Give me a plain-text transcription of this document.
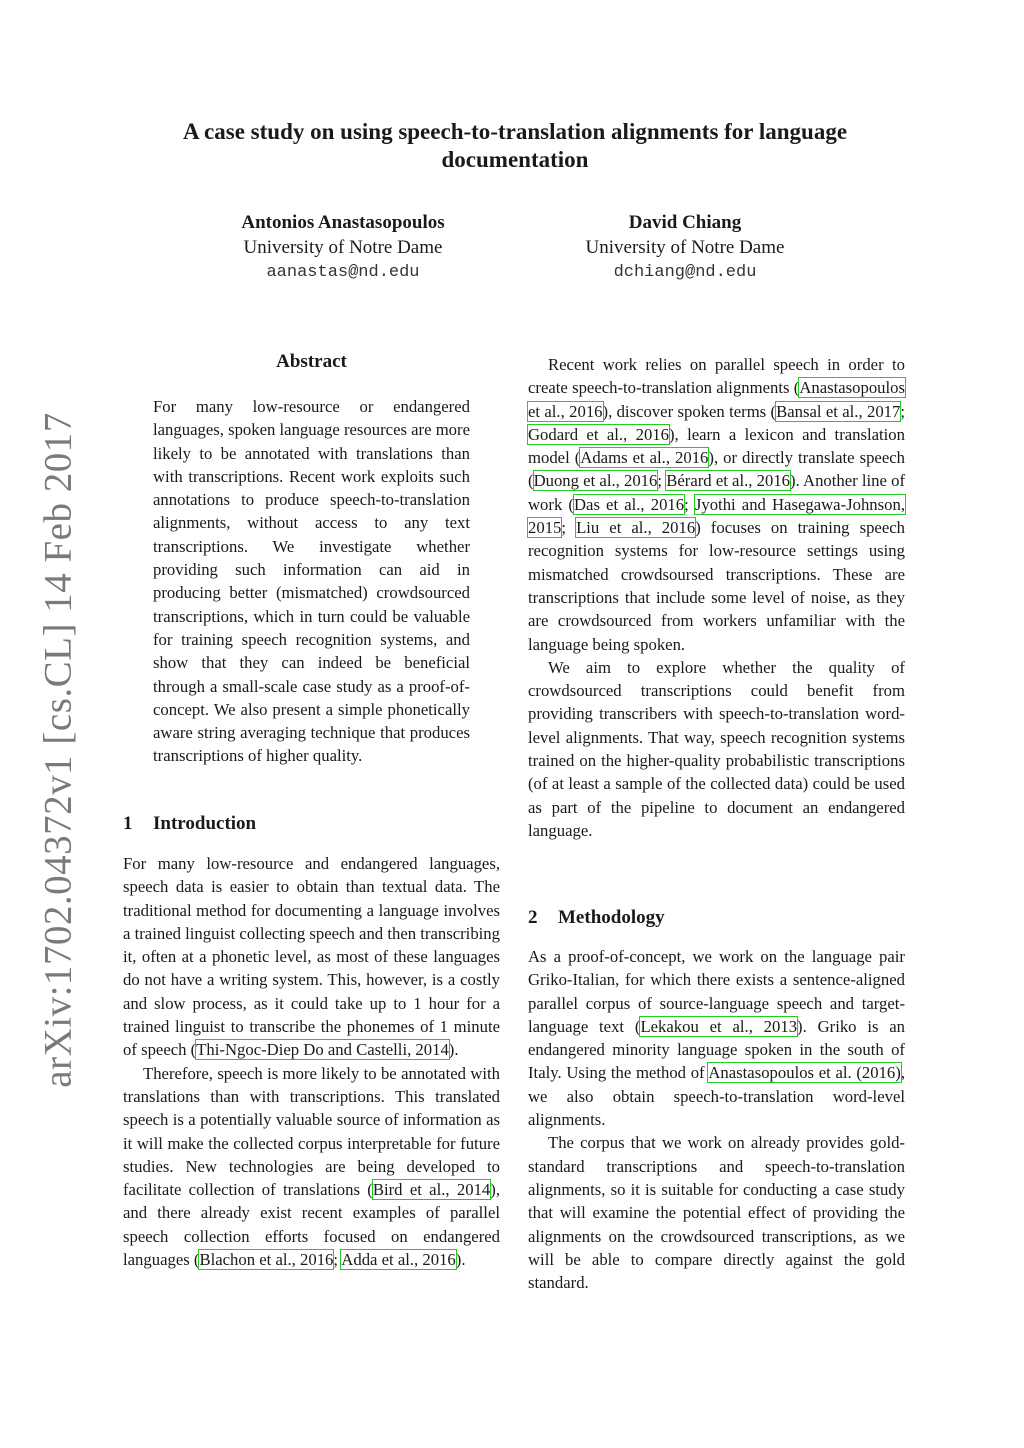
arXiv:1702.04372v1 [cs.CL] 14 Feb 2017
A case study on using speech-to-translation alignments for language documentation
Antonios Anastasopoulos
University of Notre Dame
aanastas@nd.edu
David Chiang
University of Notre Dame
dchiang@nd.edu
Abstract
For many low-resource or endangered languages, spoken language resources are more likely to be annotated with translations than with transcriptions. Recent work exploits such annotations to produce speech-to-translation alignments, without access to any text transcriptions. We investigate whether providing such information can aid in producing better (mismatched) crowdsourced transcriptions, which in turn could be valuable for training speech recognition systems, and show that they can indeed be beneficial through a small-scale case study as a proof-of-concept. We also present a simple phonetically aware string averaging technique that produces transcriptions of higher quality.
1 Introduction

For many low-resource and endangered languages, speech data is easier to obtain than textual data. The traditional method for documenting a language involves a trained linguist collecting speech and then transcribing it, often at a phonetic level, as most of these languages do not have a writing system. This, however, is a costly and slow process, as it could take up to 1 hour for a trained linguist to transcribe the phonemes of 1 minute of speech (Thi-Ngoc-Diep Do and Castelli, 2014).

Therefore, speech is more likely to be annotated with translations than with transcriptions. This translated speech is a potentially valuable source of information as it will make the collected corpus interpretable for future studies. New technologies are being developed to facilitate collection of translations (Bird et al., 2014), and there already exist recent examples of parallel speech collection efforts focused on endangered languages (Blachon et al., 2016; Adda et al., 2016).

Recent work relies on parallel speech in order to create speech-to-translation alignments (Anastasopoulos et al., 2016), discover spoken terms (Bansal et al., 2017; Godard et al., 2016), learn a lexicon and translation model (Adams et al., 2016), or directly translate speech (Duong et al., 2016; Bérard et al., 2016). Another line of work (Das et al., 2016; Jyothi and Hasegawa-Johnson, 2015; Liu et al., 2016) focuses on training speech recognition systems for low-resource settings using mismatched crowdsoursed transcriptions. These are transcriptions that include some level of noise, as they are crowdsourced from workers unfamiliar with the language being spoken.

We aim to explore whether the quality of crowdsourced transcriptions could benefit from providing transcribers with speech-to-translation word-level alignments. That way, speech recognition systems trained on the higher-quality probabilistic transcriptions (of at least a sample of the collected data) could be used as part of the pipeline to document an endangered language.

2 Methodology

As a proof-of-concept, we work on the language pair Griko-Italian, for which there exists a sentence-aligned parallel corpus of source-language speech and target-language text (Lekakou et al., 2013). Griko is an endangered minority language spoken in the south of Italy. Using the method of Anastasopoulos et al. (2016), we also obtain speech-to-translation word-level alignments.

The corpus that we work on already provides gold-standard transcriptions and speech-to-translation alignments, so it is suitable for conducting a case study that will examine the potential effect of providing the alignments on the crowdsourced transcriptions, as we will be able to compare directly against the gold standard.
